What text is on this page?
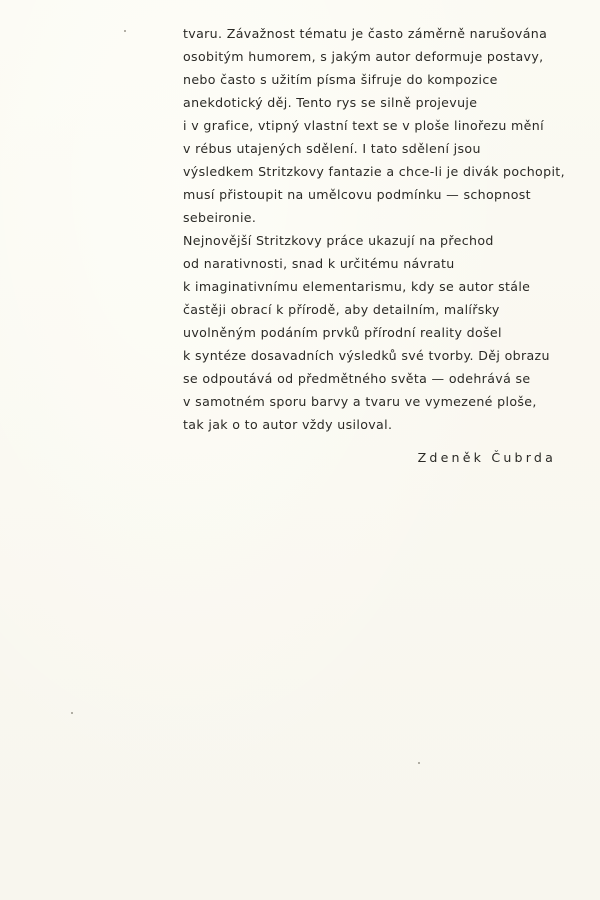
tvaru. Závažnost tématu je často záměrně narušována
osobitým humorem, s jakým autor deformuje postavy,
nebo často s užitím písma šifruje do kompozice
anekdotický děj. Tento rys se silně projevuje
i v grafice, vtipný vlastní text se v ploše linořezu mění
v rébus utajených sdělení. I tato sdělení jsou
výsledkem Stritzkovy fantazie a chce-li je divák pochopit,
musí přistoupit na umělcovu podmínku — schopnost
sebeironie.
Nejnovější Stritzkovy práce ukazují na přechod
od narativnosti, snad k určitému návratu
k imaginativnímu elementarismu, kdy se autor stále
častěji obrací k přírodě, aby detailním, malířsky
uvolněným podáním prvků přírodní reality došel
k syntéze dosavadních výsledků své tvorby. Děj obrazu
se odpoutává od předmětného světa — odehrává se
v samotném sporu barvy a tvaru ve vymezené ploše,
tak jak o to autor vždy usiloval.
Zdeněk Čubrda
